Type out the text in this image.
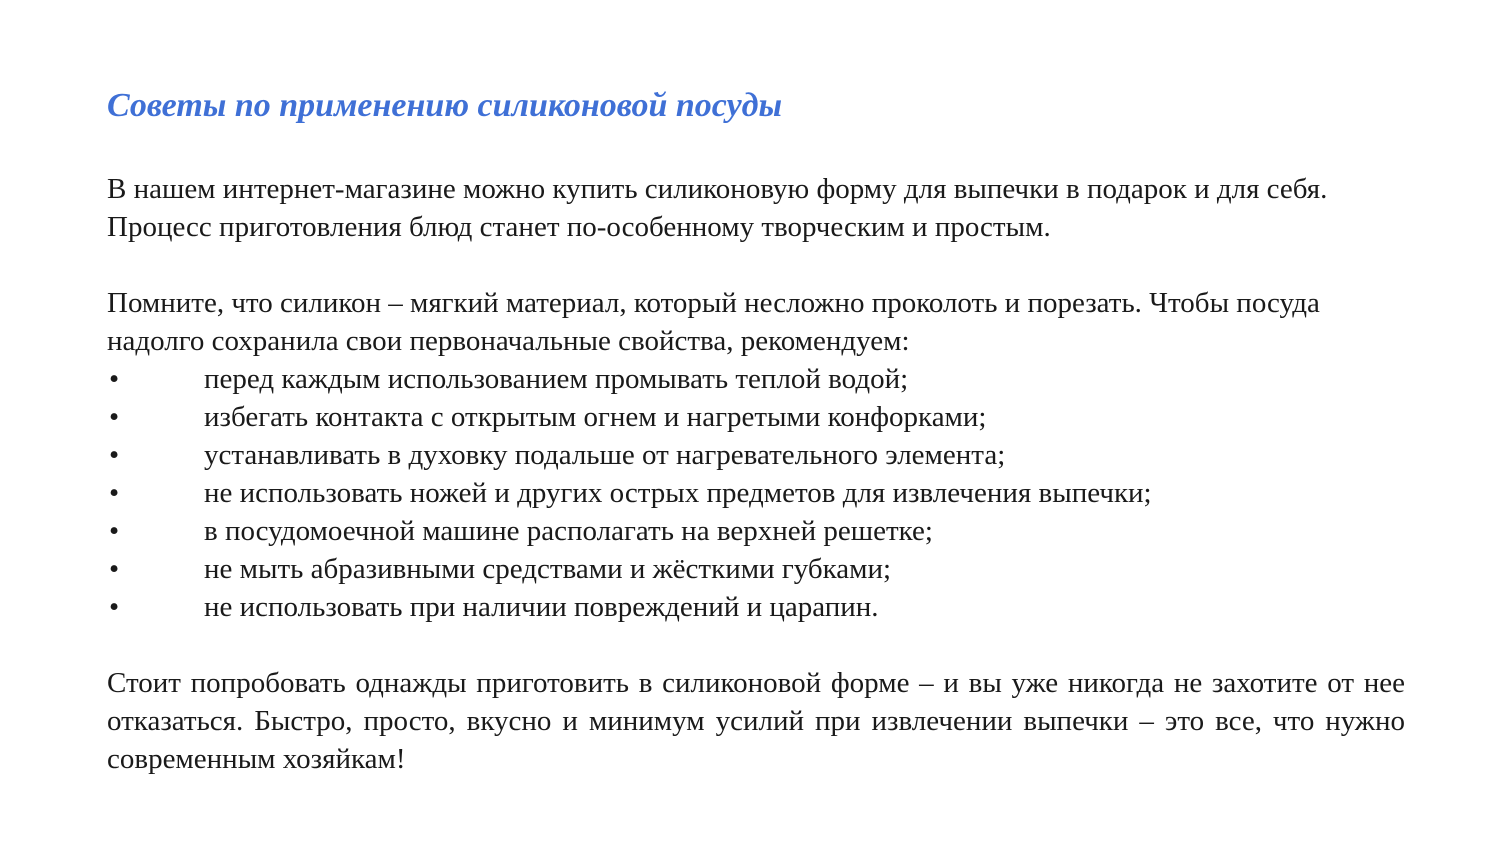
Советы по применению силиконовой посуды

В нашем интернет-магазине можно купить силиконовую форму для выпечки в подарок и для себя. Процесс приготовления блюд станет по-особенному творческим и простым.

Помните, что силикон – мягкий материал, который несложно проколоть и порезать. Чтобы посуда надолго сохранила свои первоначальные свойства, рекомендуем:

•	перед каждым использованием промывать теплой водой;
•	избегать контакта с открытым огнем и нагретыми конфорками;
•	устанавливать в духовку подальше от нагревательного элемента;
•	не использовать ножей и других острых предметов для извлечения выпечки;
•	в посудомоечной машине располагать на верхней решетке;
•	не мыть абразивными средствами и жёсткими губками;
•	не использовать при наличии повреждений и царапин.

Стоит попробовать однажды приготовить в силиконовой форме – и вы уже никогда не захотите от нее отказаться. Быстро, просто, вкусно и минимум усилий при извлечении выпечки – это все, что нужно современным хозяйкам!
